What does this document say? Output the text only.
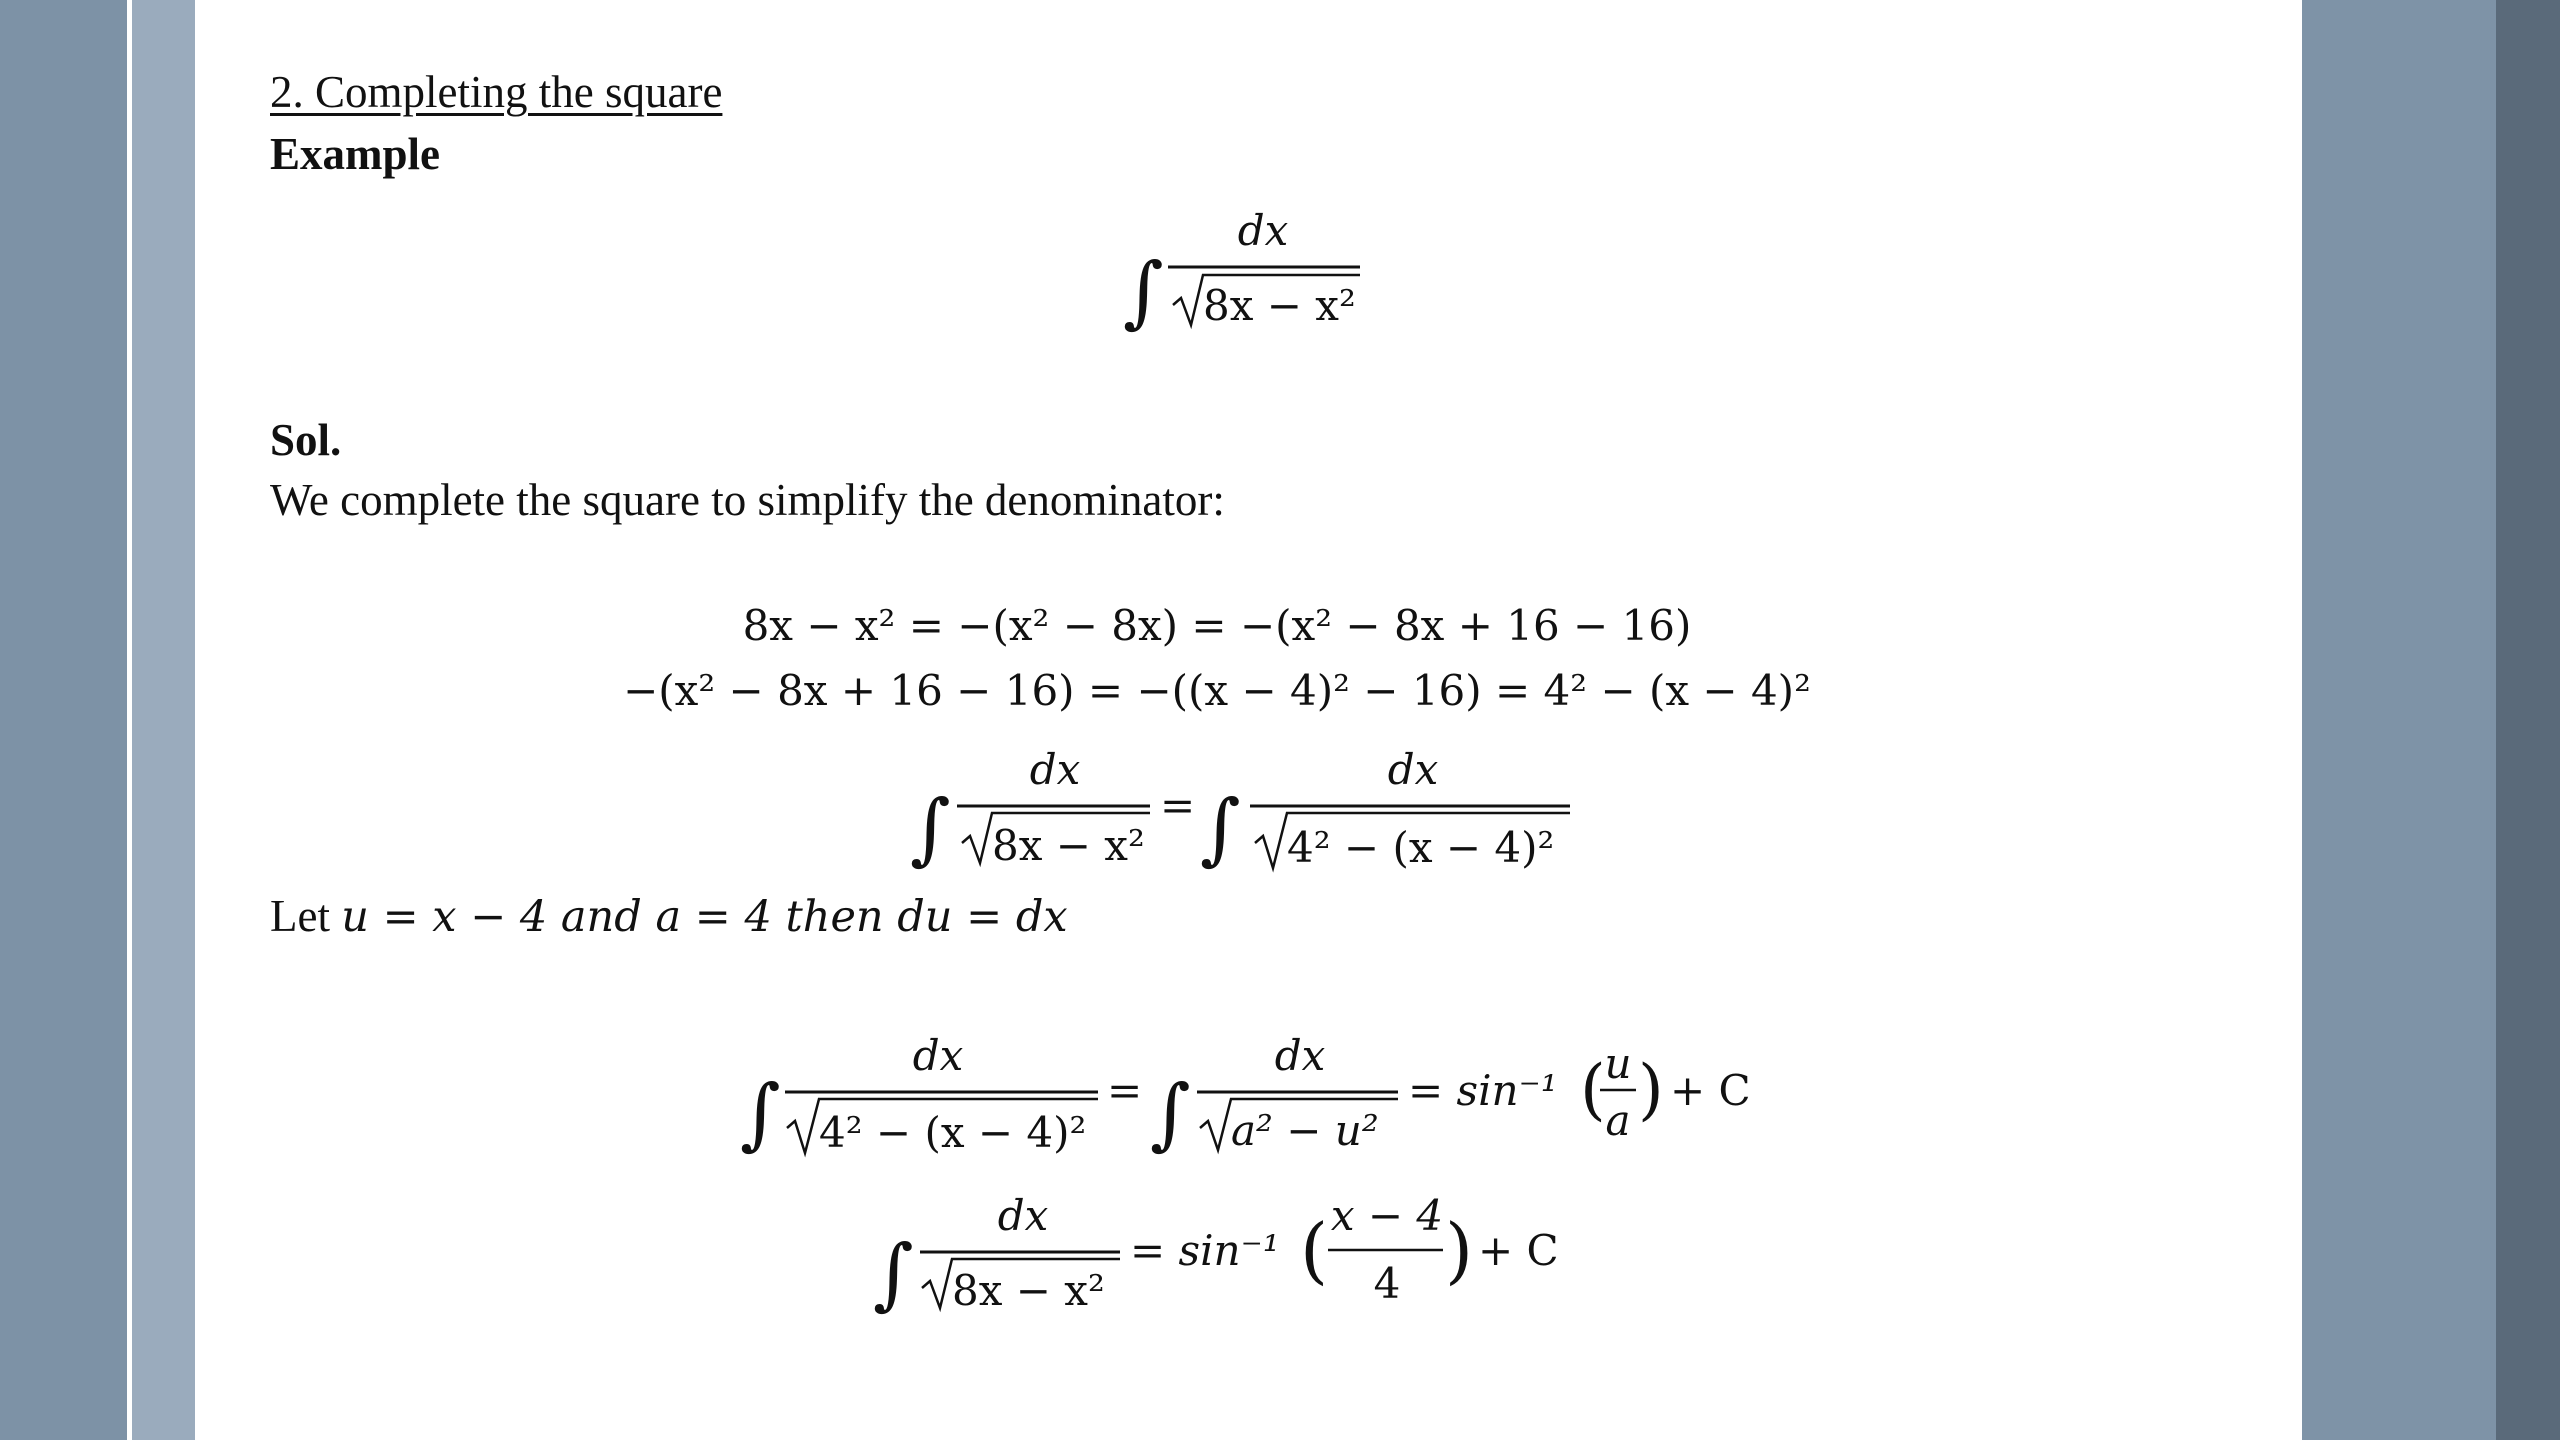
2. Completing the square
Example
Sol.
We complete the square to simplify the denominator:
∫
dx
8x − x²
8x − x² = −(x² − 8x) = −(x² − 8x + 16 − 16)
−(x² − 8x + 16 − 16) = −((x − 4)² − 16) = 4² − (x − 4)²
∫
dx
8x − x²
= ∫
dx
4² − (x − 4)²
∫
dx
4² − (x − 4)²
= ∫
dx
a² − u²
= sin⁻¹ (
u
a ) + C
∫
dx
8x − x²
= sin⁻¹ ( x − 4
4 ) + C
Let u = x − 4 and a = 4 then du = dx
